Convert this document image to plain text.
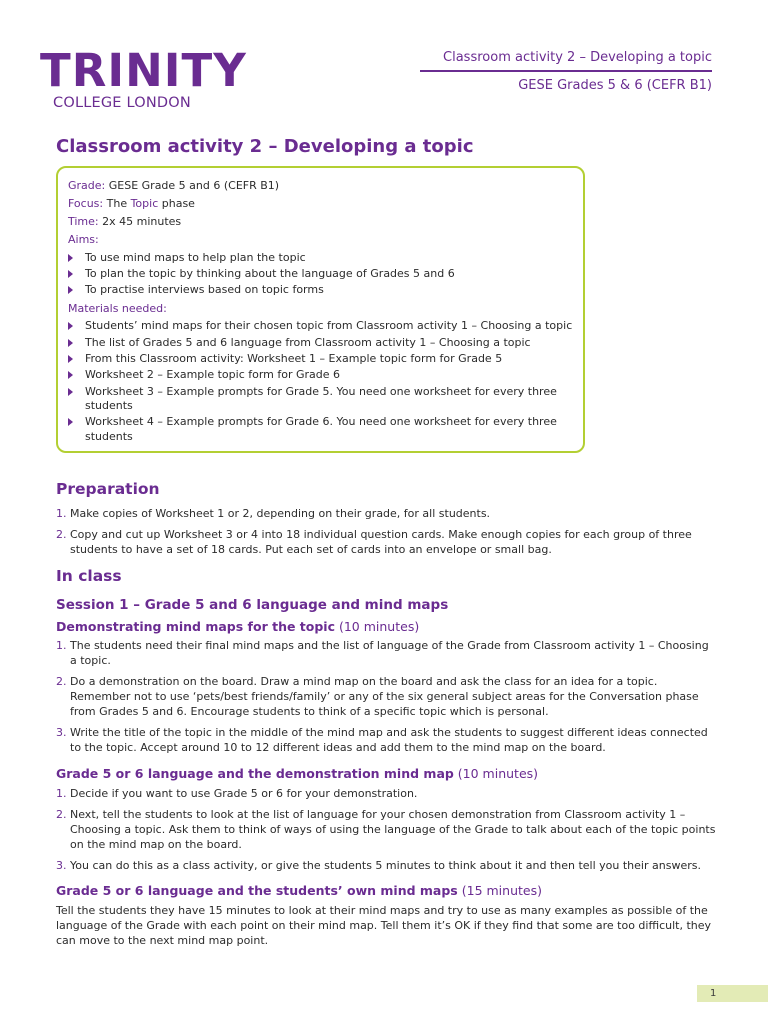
TRINITY
COLLEGE LONDON
Classroom activity 2 – Developing a topic
GESE Grades 5 & 6 (CEFR B1)
Classroom activity 2 – Developing a topic
Grade: GESE Grade 5 and 6 (CEFR B1)
Focus: The Topic phase
Time: 2x 45 minutes
Aims:
To use mind maps to help plan the topic
To plan the topic by thinking about the language of Grades 5 and 6
To practise interviews based on topic forms
Materials needed:
Students’ mind maps for their chosen topic from Classroom activity 1 – Choosing a topic
The list of Grades 5 and 6 language from Classroom activity 1 – Choosing a topic
From this Classroom activity: Worksheet 1 – Example topic form for Grade 5
Worksheet 2 – Example topic form for Grade 6
Worksheet 3 – Example prompts for Grade 5. You need one worksheet for every three students
Worksheet 4 – Example prompts for Grade 6. You need one worksheet for every three students
Preparation
1. Make copies of Worksheet 1 or 2, depending on their grade, for all students.
2. Copy and cut up Worksheet 3 or 4 into 18 individual question cards. Make enough copies for each group of three students to have a set of 18 cards. Put each set of cards into an envelope or small bag.
In class
Session 1 – Grade 5 and 6 language and mind maps
Demonstrating mind maps for the topic (10 minutes)
1. The students need their final mind maps and the list of language of the Grade from Classroom activity 1 – Choosing a topic.
2. Do a demonstration on the board. Draw a mind map on the board and ask the class for an idea for a topic. Remember not to use ‘pets/best friends/family’ or any of the six general subject areas for the Conversation phase from Grades 5 and 6. Encourage students to think of a specific topic which is personal.
3. Write the title of the topic in the middle of the mind map and ask the students to suggest different ideas connected to the topic. Accept around 10 to 12 different ideas and add them to the mind map on the board.
Grade 5 or 6 language and the demonstration mind map (10 minutes)
1. Decide if you want to use Grade 5 or 6 for your demonstration.
2. Next, tell the students to look at the list of language for your chosen demonstration from Classroom activity 1 – Choosing a topic. Ask them to think of ways of using the language of the Grade to talk about each of the topic points on the mind map on the board.
3. You can do this as a class activity, or give the students 5 minutes to think about it and then tell you their answers.
Grade 5 or 6 language and the students’ own mind maps (15 minutes)

Tell the students they have 15 minutes to look at their mind maps and try to use as many examples as possible of the language of the Grade with each point on their mind map. Tell them it’s OK if they find that some are too difficult, they can move to the next mind map point.

1
